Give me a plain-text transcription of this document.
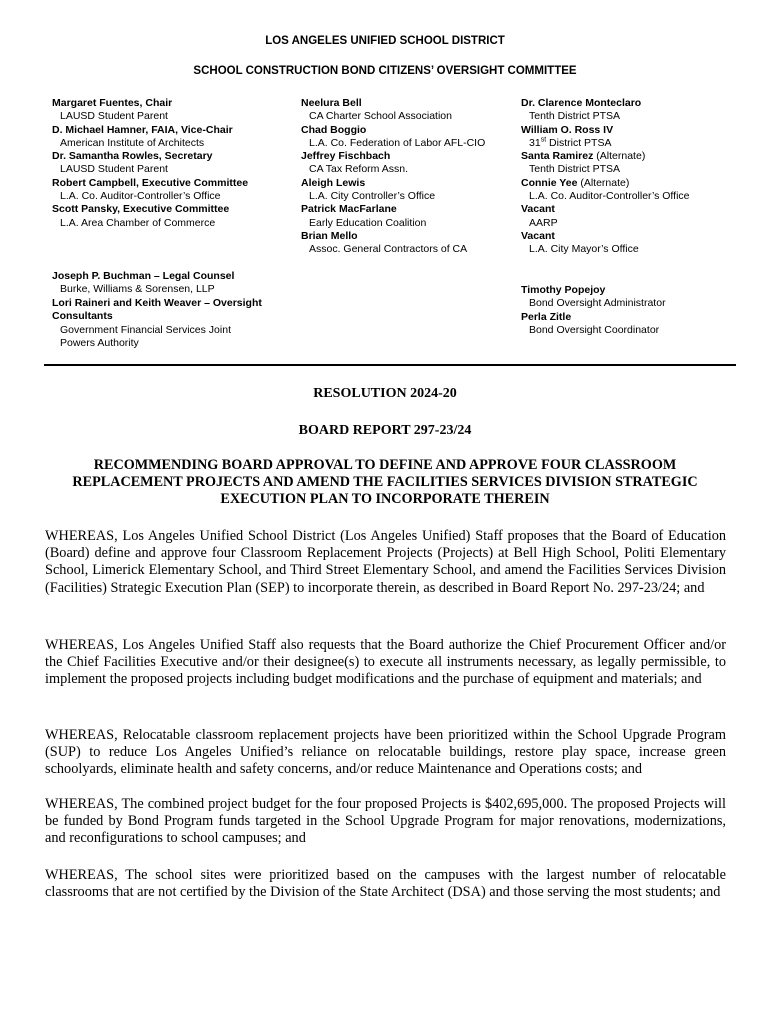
LOS ANGELES UNIFIED SCHOOL DISTRICT
SCHOOL CONSTRUCTION BOND CITIZENS’ OVERSIGHT COMMITTEE
Margaret Fuentes, Chair
LAUSD Student Parent
D. Michael Hamner, FAIA, Vice-Chair
American Institute of Architects
Dr. Samantha Rowles, Secretary
LAUSD Student Parent
Robert Campbell, Executive Committee
L.A. Co. Auditor-Controller’s Office
Scott Pansky, Executive Committee
L.A. Area Chamber of Commerce
Neelura Bell
CA Charter School Association
Chad Boggio
L.A. Co. Federation of Labor AFL-CIO
Jeffrey Fischbach
CA Tax Reform Assn.
Aleigh Lewis
L.A. City Controller’s Office
Patrick MacFarlane
Early Education Coalition
Brian Mello
Assoc. General Contractors of CA
Dr. Clarence Monteclaro
Tenth District PTSA
William O. Ross IV
31st District PTSA
Santa Ramirez (Alternate)
Tenth District PTSA
Connie Yee (Alternate)
L.A. Co. Auditor-Controller’s Office
Vacant
AARP
Vacant
L.A. City Mayor’s Office
Joseph P. Buchman – Legal Counsel
Burke, Williams & Sorensen, LLP
Lori Raineri and Keith Weaver – Oversight
Consultants
Government Financial Services Joint
Powers Authority
Timothy Popejoy
Bond Oversight Administrator
Perla Zitle
Bond Oversight Coordinator
RESOLUTION 2024-20
BOARD REPORT 297-23/24
RECOMMENDING BOARD APPROVAL TO DEFINE AND APPROVE FOUR CLASSROOM
REPLACEMENT PROJECTS AND AMEND THE FACILITIES SERVICES DIVISION STRATEGIC
EXECUTION PLAN TO INCORPORATE THEREIN
WHEREAS, Los Angeles Unified School District (Los Angeles Unified) Staff proposes that the Board of Education (Board) define and approve four Classroom Replacement Projects (Projects) at Bell High School, Politi Elementary School, Limerick Elementary School, and Third Street Elementary School, and amend the Facilities Services Division (Facilities) Strategic Execution Plan (SEP) to incorporate therein, as described in Board Report No. 297-23/24; and
WHEREAS, Los Angeles Unified Staff also requests that the Board authorize the Chief Procurement Officer and/or the Chief Facilities Executive and/or their designee(s) to execute all instruments necessary, as legally permissible, to implement the proposed projects including budget modifications and the purchase of equipment and materials; and
WHEREAS, Relocatable classroom replacement projects have been prioritized within the School Upgrade Program (SUP) to reduce Los Angeles Unified’s reliance on relocatable buildings, restore play space, increase green schoolyards, eliminate health and safety concerns, and/or reduce Maintenance and Operations costs; and
WHEREAS, The combined project budget for the four proposed Projects is $402,695,000. The proposed Projects will be funded by Bond Program funds targeted in the School Upgrade Program for major renovations, modernizations, and reconfigurations to school campuses; and
WHEREAS, The school sites were prioritized based on the campuses with the largest number of relocatable classrooms that are not certified by the Division of the State Architect (DSA) and those serving the most students; and
